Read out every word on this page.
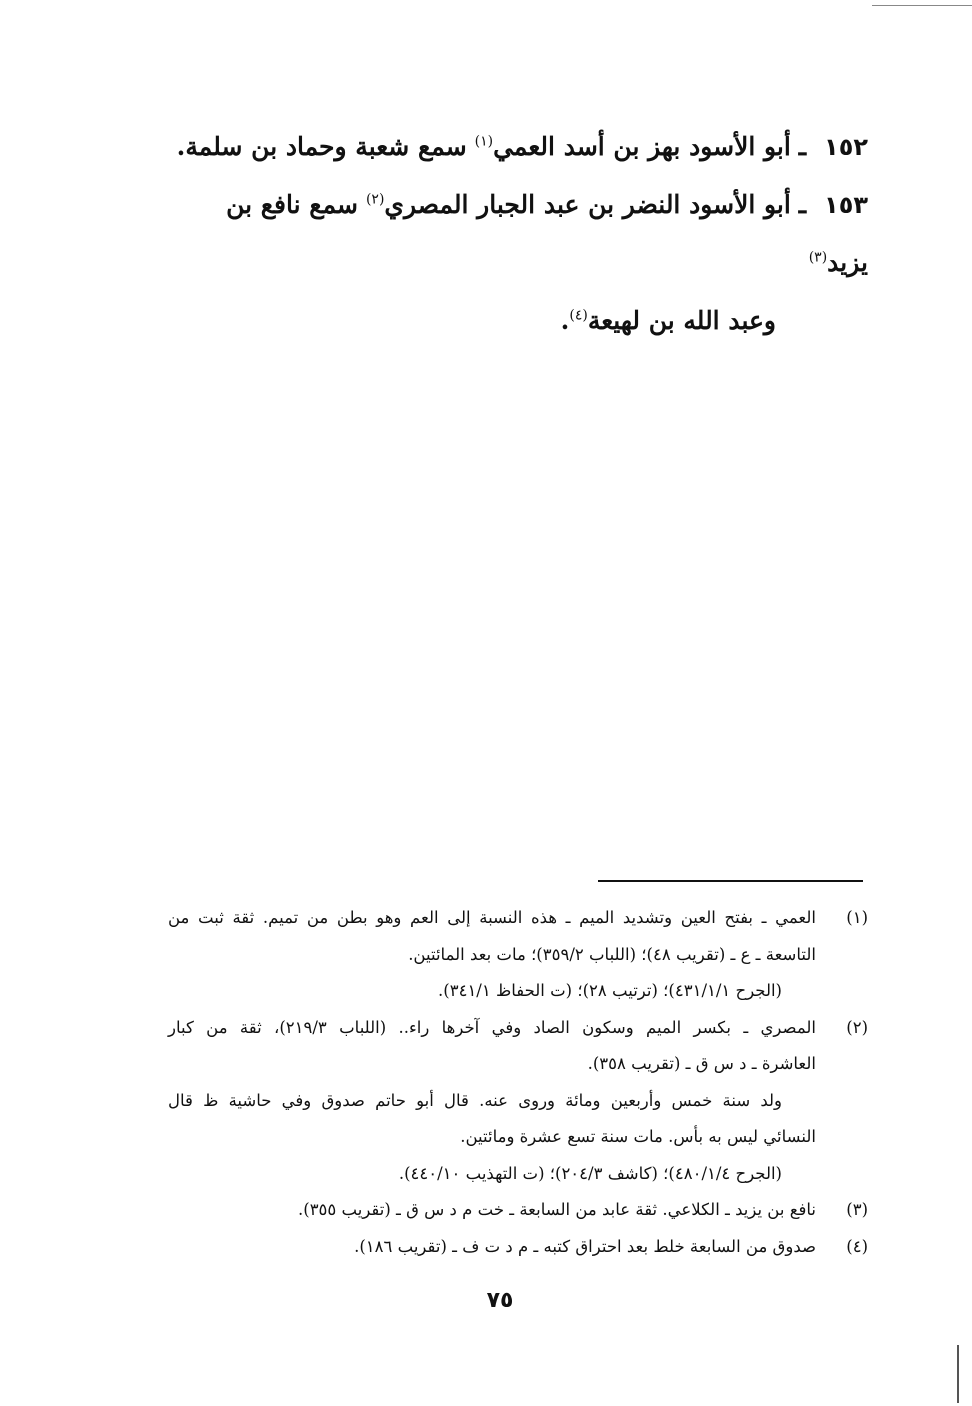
١٥٢ ـ أبو الأسود بهز بن أسد العمي$^{(١)}$ سمع شعبة وحماد بن سلمة.
١٥٣ ـ أبو الأسود النضر بن عبد الجبار المصري$^{(٢)}$ سمع نافع بن يزيد$^{(٣)}$
وعبد الله بن لهيعة$^{(٤)}$.
(١)
العمي ـ بفتح العين وتشديد الميم ـ هذه النسبة إلى العم وهو بطن من تميم. ثقة ثبت من
التاسعة ـ ع ـ (تقريب ٤٨)؛ (اللباب ٣٥٩/٢)؛ مات بعد المائتين.
(الجرح ٤٣١/١/١)؛ (ترتيب ٢٨)؛ (ت الحفاظ ٣٤١/١).
(٢)
المصري ـ بكسر الميم وسكون الصاد وفي آخرها راء.. (اللباب ٢١٩/٣)، ثقة من كبار
العاشرة ـ د س ق ـ (تقريب ٣٥٨).
ولد سنة خمس وأربعين ومائة وروى عنه. قال أبو حاتم صدوق وفي حاشية ظ قال
النسائي ليس به بأس. مات سنة تسع عشرة ومائتين.
(الجرح ٤٨٠/١/٤)؛ (كاشف ٢٠٤/٣)؛ (ت التهذيب ٤٤٠/١٠).
(٣)
نافع بن يزيد ـ الكلاعي. ثقة عابد من السابعة ـ خت م د س ق ـ (تقريب ٣٥٥).
(٤)
صدوق من السابعة خلط بعد احتراق كتبه ـ م د ت ف ـ (تقريب ١٨٦).
٧٥
